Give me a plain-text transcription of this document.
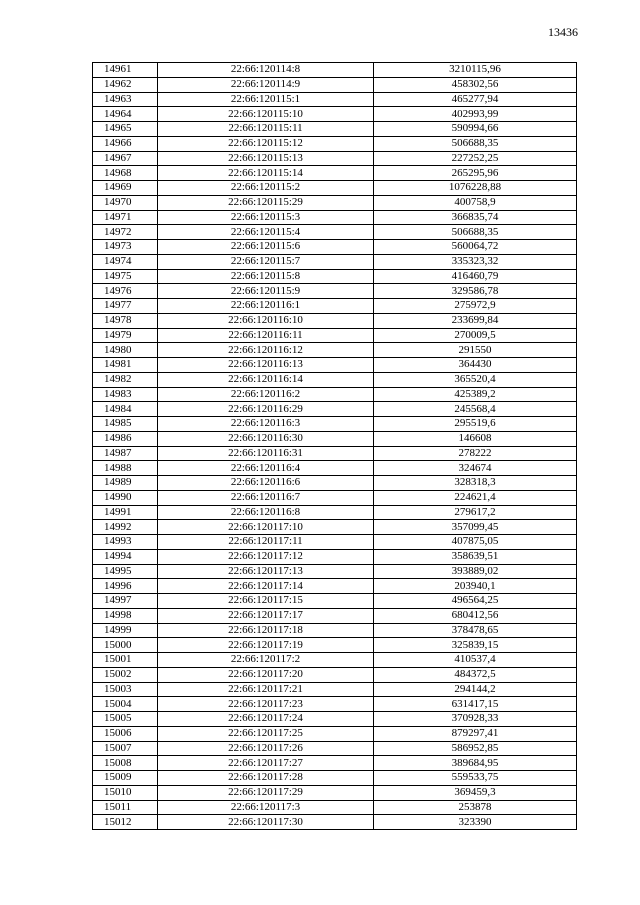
13436
14961	22:66:120114:8	3210115,96
14962	22:66:120114:9	458302,56
14963	22:66:120115:1	465277,94
14964	22:66:120115:10	402993,99
14965	22:66:120115:11	590994,66
14966	22:66:120115:12	506688,35
14967	22:66:120115:13	227252,25
14968	22:66:120115:14	265295,96
14969	22:66:120115:2	1076228,88
14970	22:66:120115:29	400758,9
14971	22:66:120115:3	366835,74
14972	22:66:120115:4	506688,35
14973	22:66:120115:6	560064,72
14974	22:66:120115:7	335323,32
14975	22:66:120115:8	416460,79
14976	22:66:120115:9	329586,78
14977	22:66:120116:1	275972,9
14978	22:66:120116:10	233699,84
14979	22:66:120116:11	270009,5
14980	22:66:120116:12	291550
14981	22:66:120116:13	364430
14982	22:66:120116:14	365520,4
14983	22:66:120116:2	425389,2
14984	22:66:120116:29	245568,4
14985	22:66:120116:3	295519,6
14986	22:66:120116:30	146608
14987	22:66:120116:31	278222
14988	22:66:120116:4	324674
14989	22:66:120116:6	328318,3
14990	22:66:120116:7	224621,4
14991	22:66:120116:8	279617,2
14992	22:66:120117:10	357099,45
14993	22:66:120117:11	407875,05
14994	22:66:120117:12	358639,51
14995	22:66:120117:13	393889,02
14996	22:66:120117:14	203940,1
14997	22:66:120117:15	496564,25
14998	22:66:120117:17	680412,56
14999	22:66:120117:18	378478,65
15000	22:66:120117:19	325839,15
15001	22:66:120117:2	410537,4
15002	22:66:120117:20	484372,5
15003	22:66:120117:21	294144,2
15004	22:66:120117:23	631417,15
15005	22:66:120117:24	370928,33
15006	22:66:120117:25	879297,41
15007	22:66:120117:26	586952,85
15008	22:66:120117:27	389684,95
15009	22:66:120117:28	559533,75
15010	22:66:120117:29	369459,3
15011	22:66:120117:3	253878
15012	22:66:120117:30	323390
